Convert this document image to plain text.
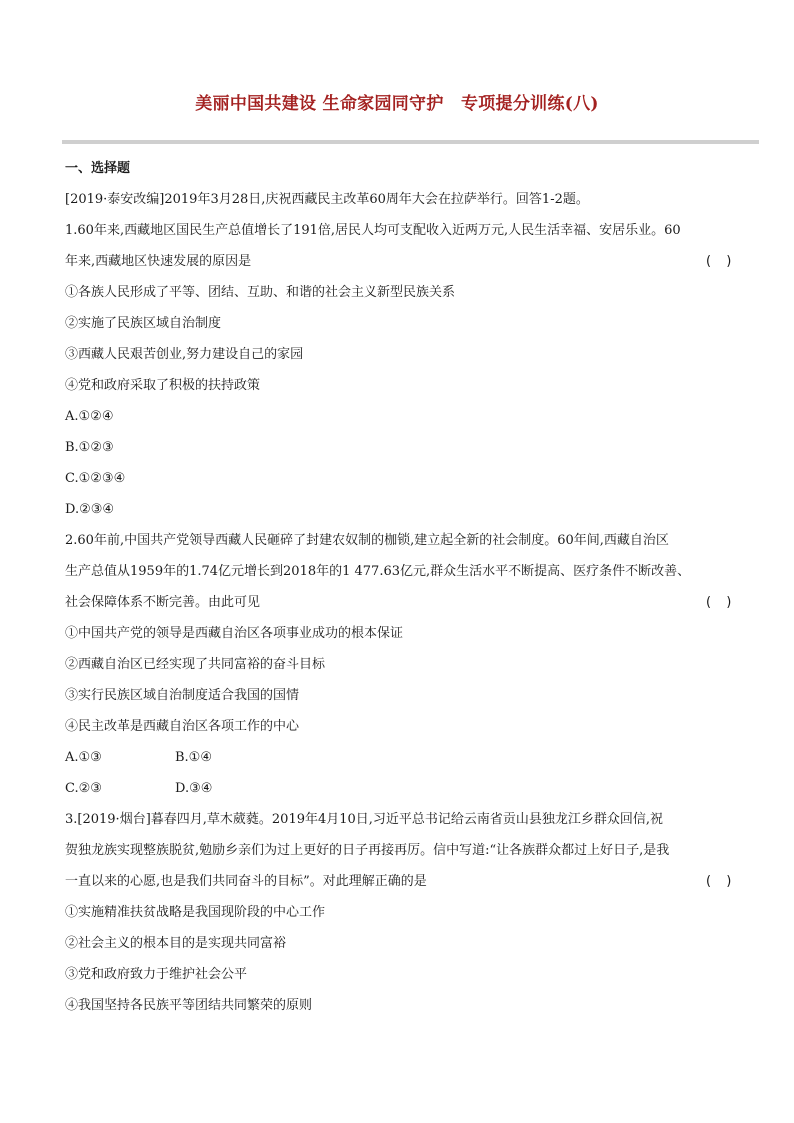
美丽中国共建设 生命家园同守护　专项提分训练(八)
一、选择题
[2019·泰安改编]2019年3月28日,庆祝西藏民主改革60周年大会在拉萨举行。回答1-2题。
1.60年来,西藏地区国民生产总值增长了191倍,居民人均可支配收入近两万元,人民生活幸福、安居乐业。60
年来,西藏地区快速发展的原因是	(　)
①各族人民形成了平等、团结、互助、和谐的社会主义新型民族关系
②实施了民族区域自治制度
③西藏人民艰苦创业,努力建设自己的家园
④党和政府采取了积极的扶持政策
A.①②④
B.①②③
C.①②③④
D.②③④
2.60年前,中国共产党领导西藏人民砸碎了封建农奴制的枷锁,建立起全新的社会制度。60年间,西藏自治区
生产总值从1959年的1.74亿元增长到2018年的1 477.63亿元,群众生活水平不断提高、医疗条件不断改善、
社会保障体系不断完善。由此可见	(　)
①中国共产党的领导是西藏自治区各项事业成功的根本保证
②西藏自治区已经实现了共同富裕的奋斗目标
③实行民族区域自治制度适合我国的国情
④民主改革是西藏自治区各项工作的中心
A.①③	B.①④
C.②③	D.③④
3.[2019·烟台]暮春四月,草木葳蕤。2019年4月10日,习近平总书记给云南省贡山县独龙江乡群众回信,祝
贺独龙族实现整族脱贫,勉励乡亲们为过上更好的日子再接再厉。信中写道:“让各族群众都过上好日子,是我
一直以来的心愿,也是我们共同奋斗的目标”。对此理解正确的是	(　)
①实施精准扶贫战略是我国现阶段的中心工作
②社会主义的根本目的是实现共同富裕
③党和政府致力于维护社会公平
④我国坚持各民族平等团结共同繁荣的原则
